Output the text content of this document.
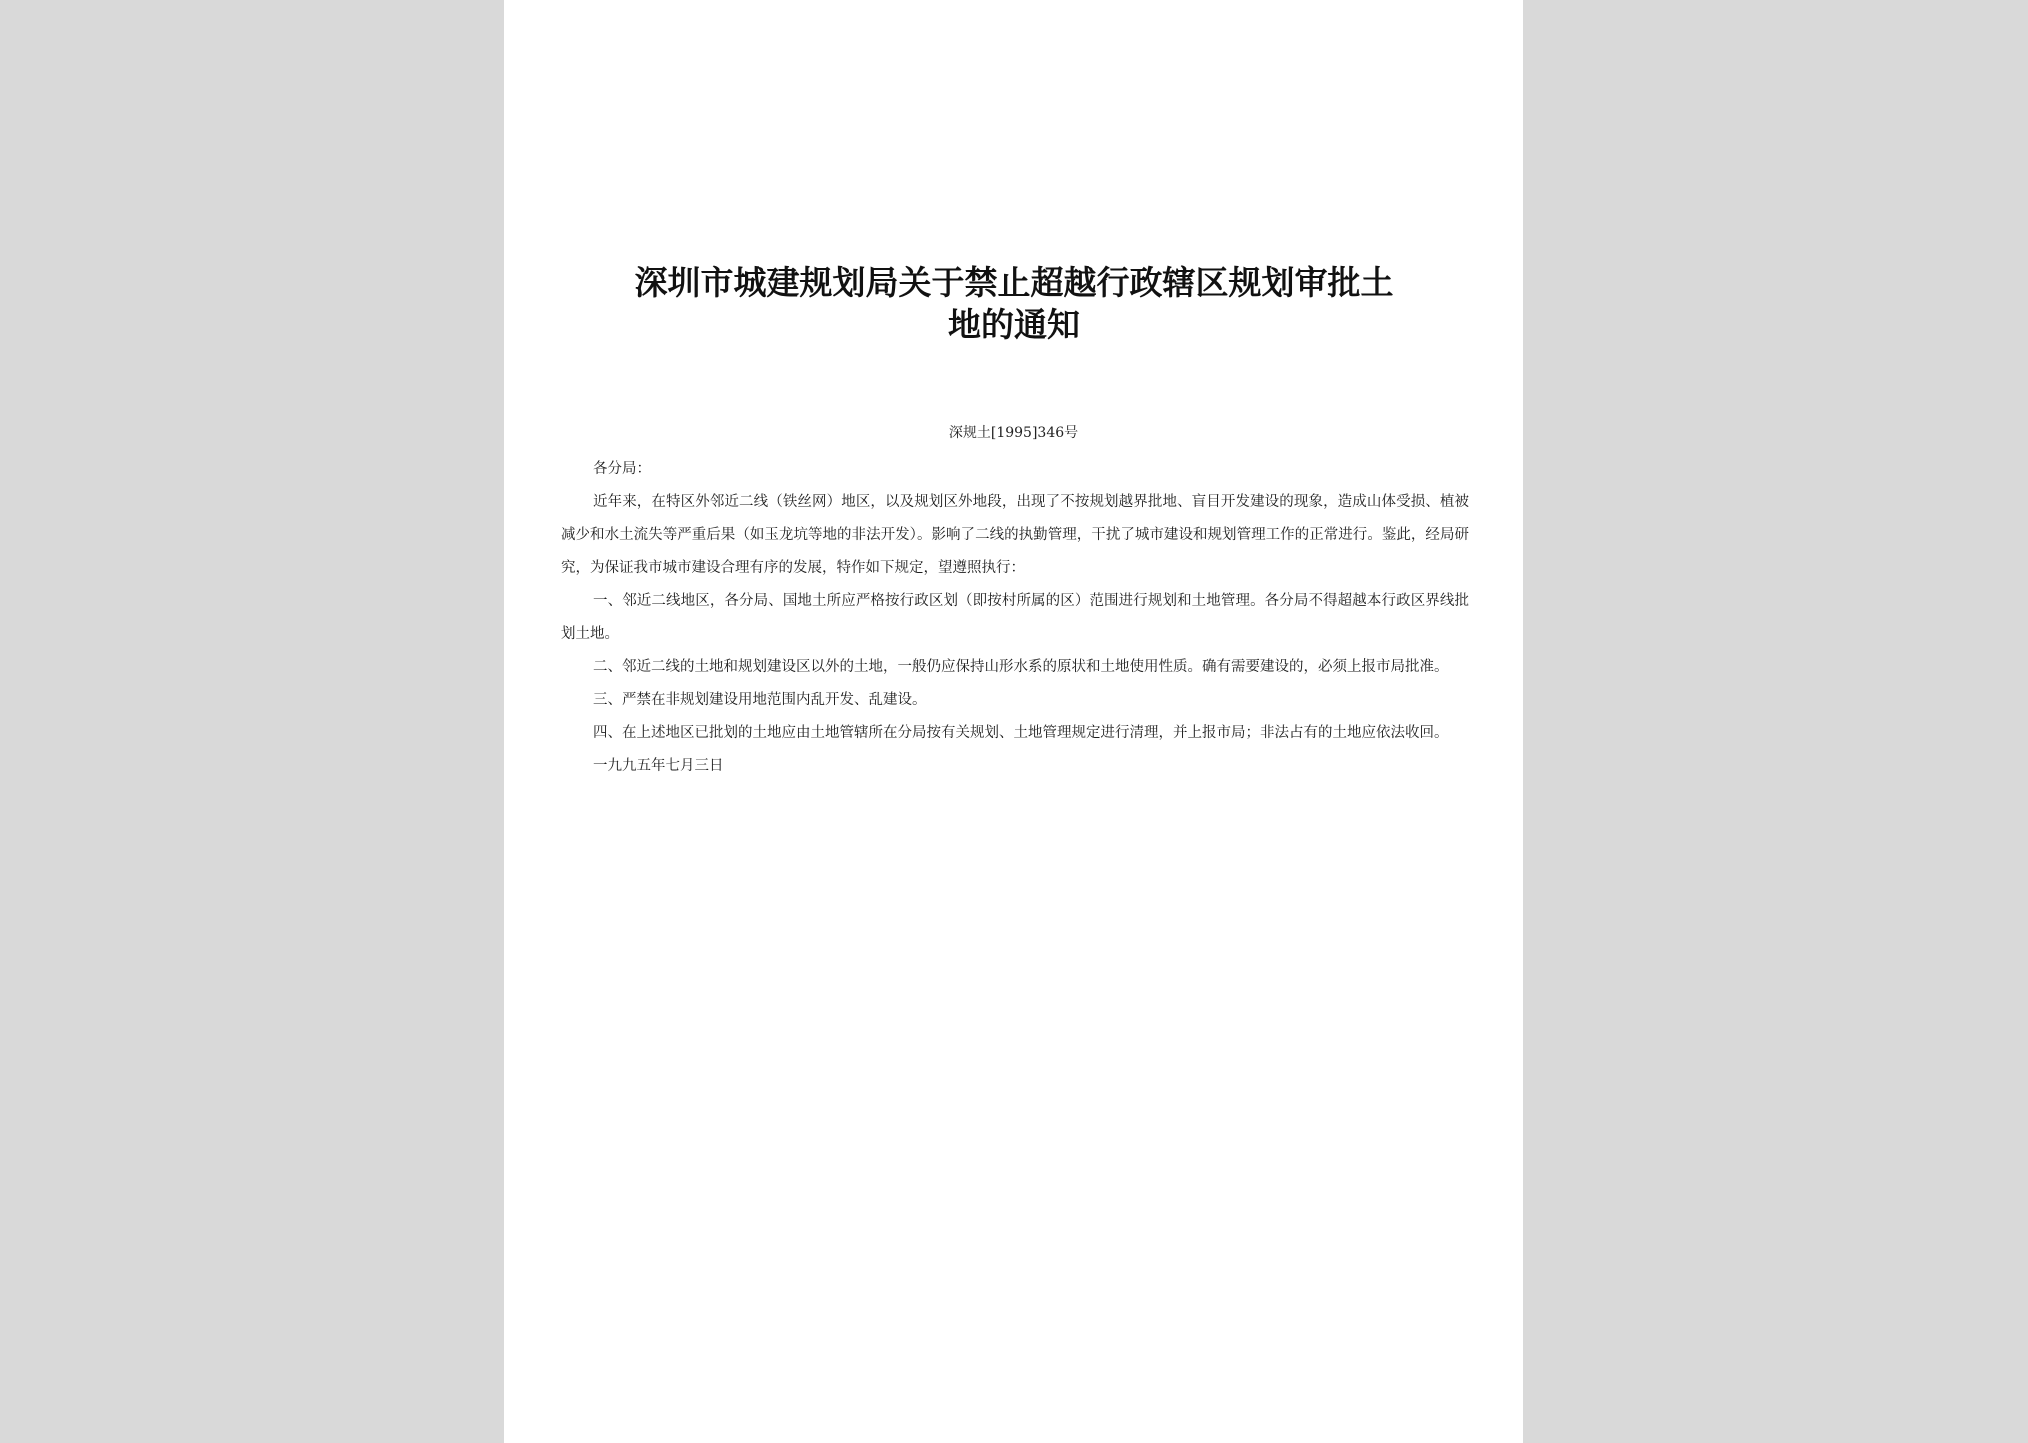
深圳市城建规划局关于禁止超越行政辖区规划审批土
地的通知
深规土[1995]346号

各分局：

近年来，在特区外邻近二线（铁丝网）地区，以及规划区外地段，出现了不按规划越界批地、盲目开发建设的现象，造成山体受损、植被减少和水土流失等严重后果（如玉龙坑等地的非法开发）。影响了二线的执勤管理，干扰了城市建设和规划管理工作的正常进行。鉴此，经局研究，为保证我市城市建设合理有序的发展，特作如下规定，望遵照执行：

一、邻近二线地区，各分局、国地土所应严格按行政区划（即按村所属的区）范围进行规划和土地管理。各分局不得超越本行政区界线批划土地。

二、邻近二线的土地和规划建设区以外的土地，一般仍应保持山形水系的原状和土地使用性质。确有需要建设的，必须上报市局批准。

三、严禁在非规划建设用地范围内乱开发、乱建设。

四、在上述地区已批划的土地应由土地管辖所在分局按有关规划、土地管理规定进行清理，并上报市局；非法占有的土地应依法收回。

一九九五年七月三日
